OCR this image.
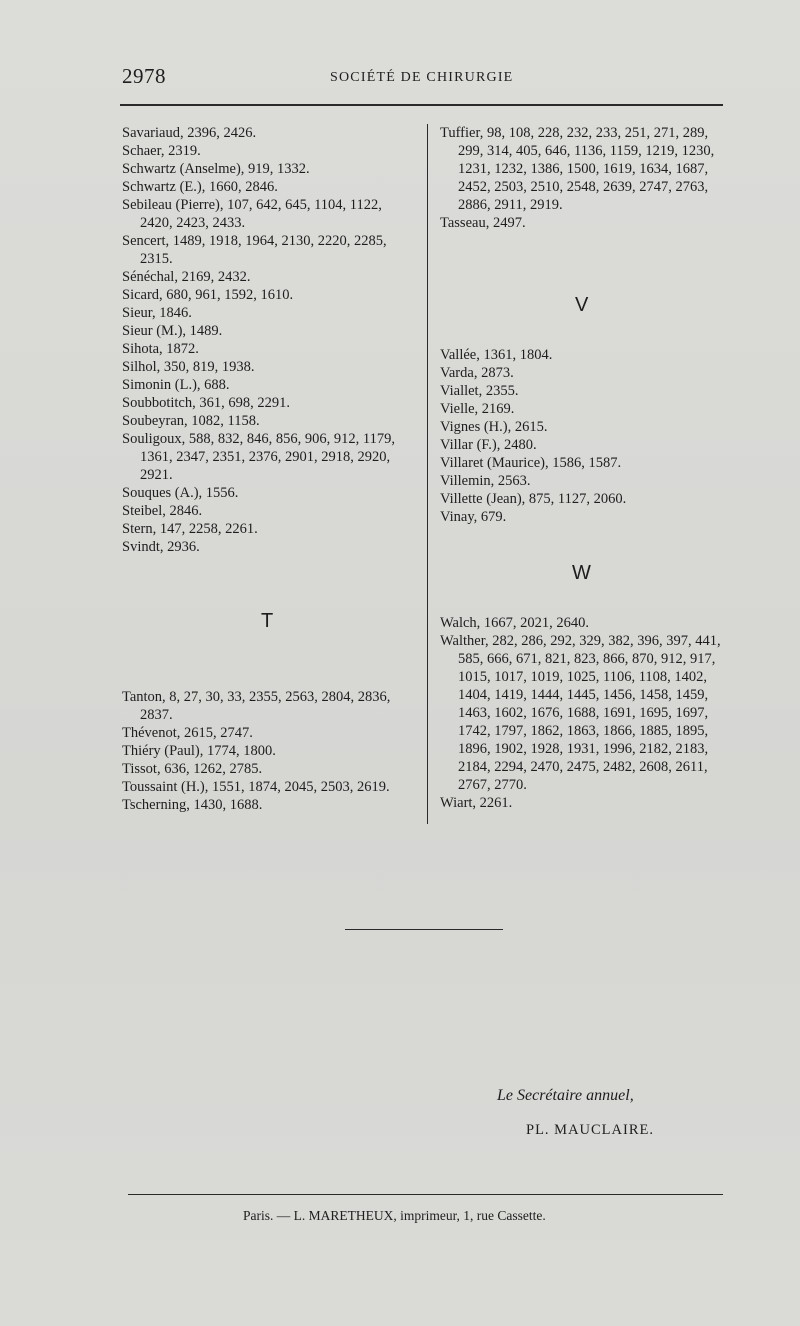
2978	SOCIÉTÉ DE CHIRURGIE
Savariaud, 2396, 2426.
Schaer, 2319.
Schwartz (Anselme), 919, 1332.
Schwartz (E.), 1660, 2846.
Sebileau (Pierre), 107, 642, 645, 1104, 1122, 2420, 2423, 2433.
Sencert, 1489, 1918, 1964, 2130, 2220, 2285, 2315.
Sénéchal, 2169, 2432.
Sicard, 680, 961, 1592, 1610.
Sieur, 1846.
Sieur (M.), 1489.
Sihota, 1872.
Silhol, 350, 819, 1938.
Simonin (L.), 688.
Soubbotitch, 361, 698, 2291.
Soubeyran, 1082, 1158.
Souligoux, 588, 832, 846, 856, 906, 912, 1179, 1361, 2347, 2351, 2376, 2901, 2918, 2920, 2921.
Souques (A.), 1556.
Steibel, 2846.
Stern, 147, 2258, 2261.
Svindt, 2936.
T
Tanton, 8, 27, 30, 33, 2355, 2563, 2804, 2836, 2837.
Thévenot, 2615, 2747.
Thiéry (Paul), 1774, 1800.
Tissot, 636, 1262, 2785.
Toussaint (H.), 1551, 1874, 2045, 2503, 2619.
Tscherning, 1430, 1688.
Tuffier, 98, 108, 228, 232, 233, 251, 271, 289, 299, 314, 405, 646, 1136, 1159, 1219, 1230, 1231, 1232, 1386, 1500, 1619, 1634, 1687, 2452, 2503, 2510, 2548, 2639, 2747, 2763, 2886, 2911, 2919.
Tasseau, 2497.
V
Vallée, 1361, 1804.
Varda, 2873.
Viallet, 2355.
Vielle, 2169.
Vignes (H.), 2615.
Villar (F.), 2480.
Villaret (Maurice), 1586, 1587.
Villemin, 2563.
Villette (Jean), 875, 1127, 2060.
Vinay, 679.
W
Walch, 1667, 2021, 2640.
Walther, 282, 286, 292, 329, 382, 396, 397, 441, 585, 666, 671, 821, 823, 866, 870, 912, 917, 1015, 1017, 1019, 1025, 1106, 1108, 1402, 1404, 1419, 1444, 1445, 1456, 1458, 1459, 1463, 1602, 1676, 1688, 1691, 1695, 1697, 1742, 1797, 1862, 1863, 1866, 1885, 1895, 1896, 1902, 1928, 1931, 1996, 2182, 2183, 2184, 2294, 2470, 2475, 2482, 2608, 2611, 2767, 2770.
Wiart, 2261.
Le Secrétaire annuel,
PL. MAUCLAIRE.
Paris. — L. MARETHEUX, imprimeur, 1, rue Cassette.
